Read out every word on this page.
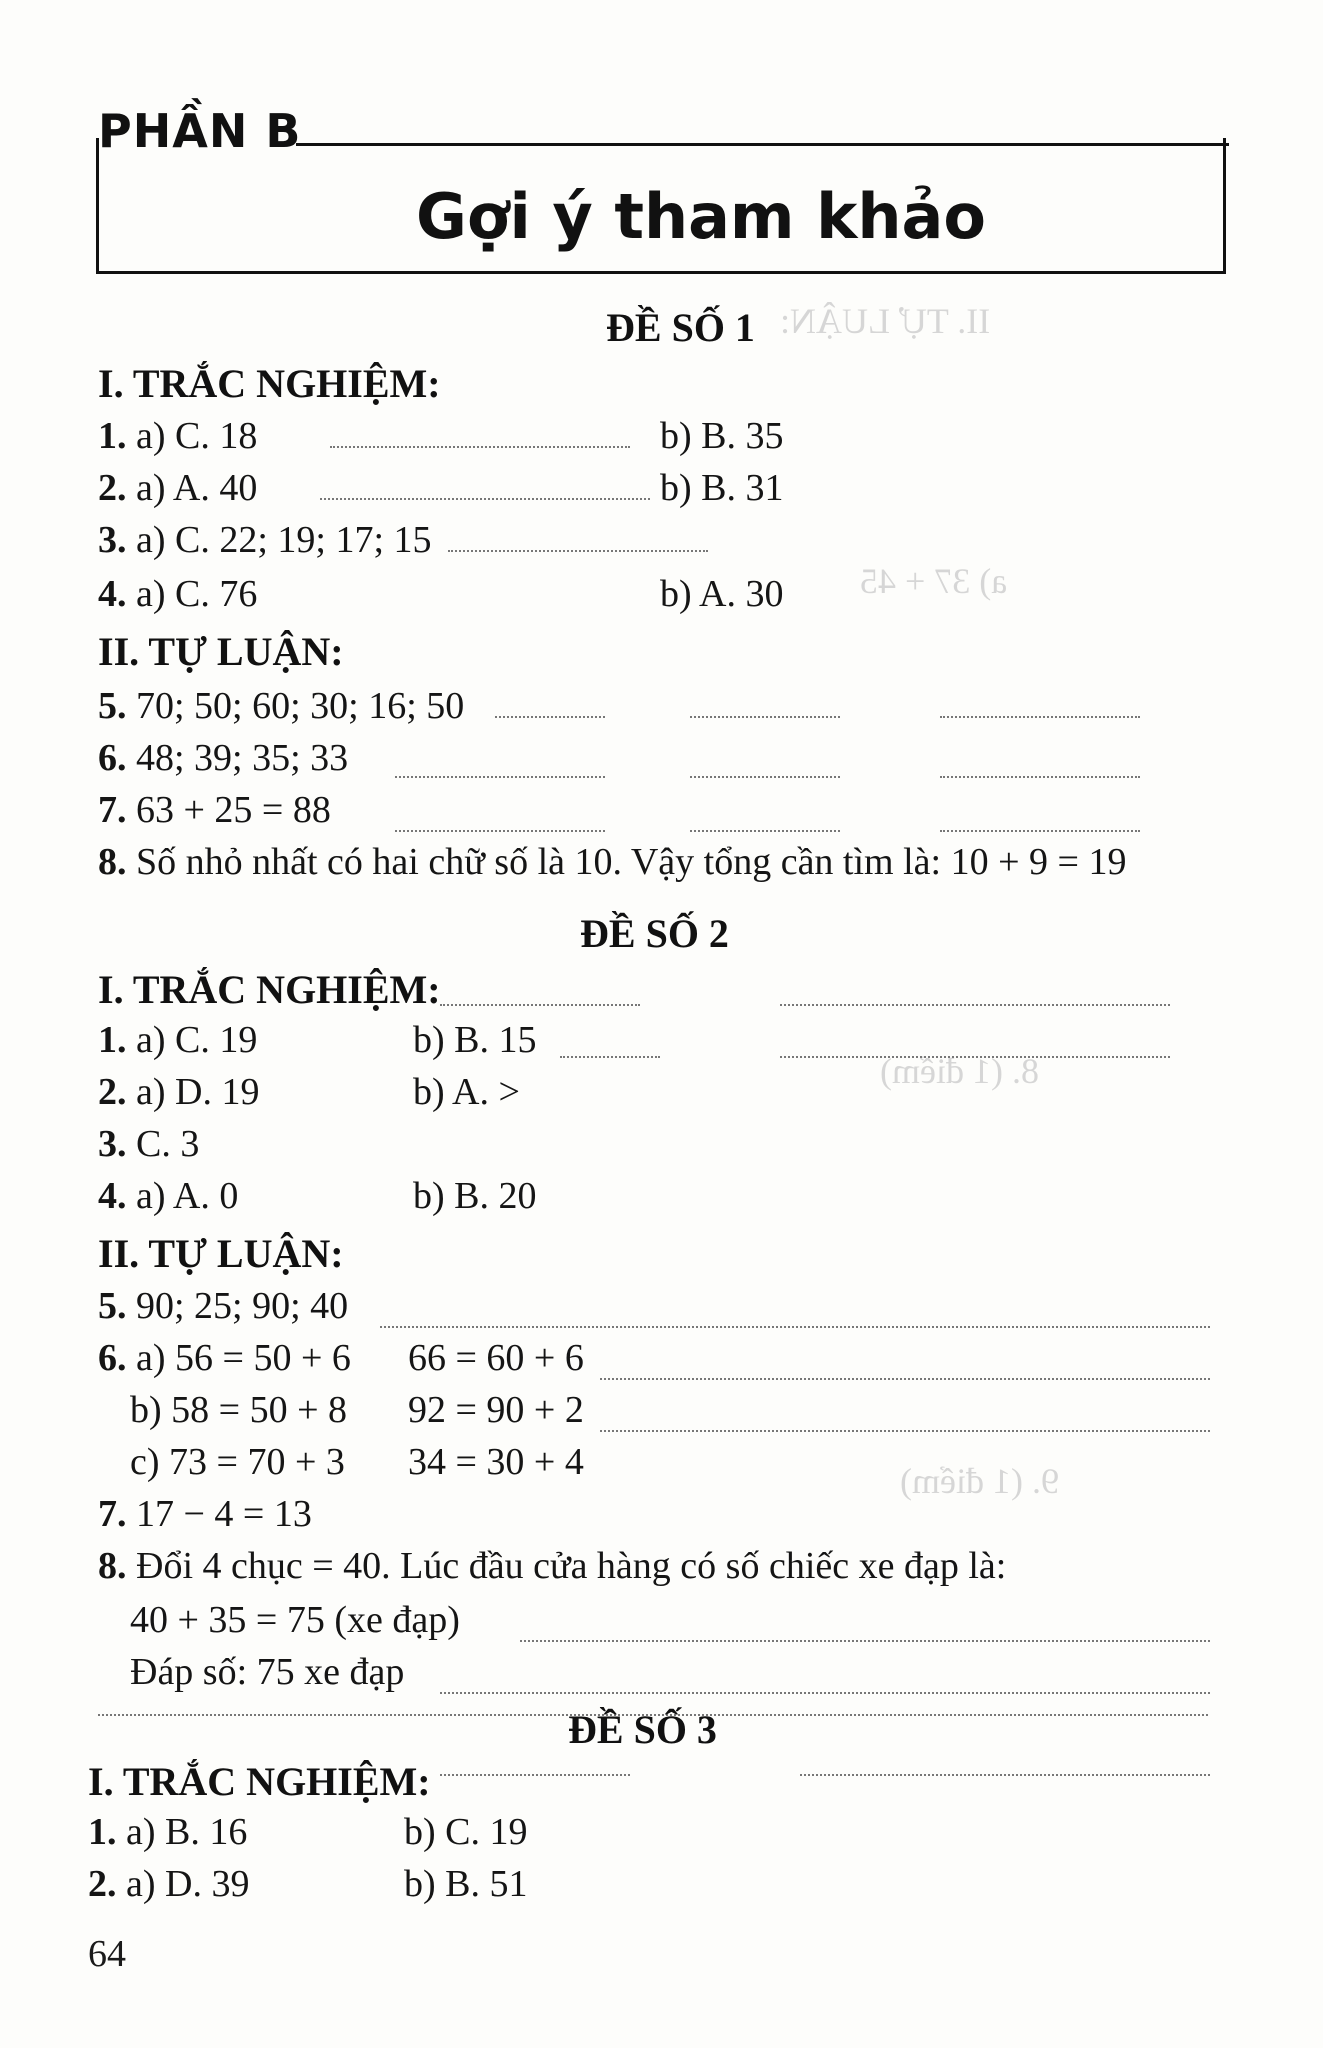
II. TỰ LUẬN:
a) 37 + 45
8. (1 điểm)
9. (1 điểm)
PHẦN B
Gợi ý tham khảo
ĐỀ SỐ 1
I. TRẮC NGHIỆM:
1. a) C. 18	b) B. 35
2. a) A. 40	b) B. 31
3. a) C. 22; 19; 17; 15
4. a) C. 76	b) A. 30
II. TỰ LUẬN:
5. 70; 50; 60; 30; 16; 50
6. 48; 39; 35; 33
7. 63 + 25 = 88
8. Số nhỏ nhất có hai chữ số là 10. Vậy tổng cần tìm là: 10 + 9 = 19
ĐỀ SỐ 2
I. TRẮC NGHIỆM:
1. a) C. 19	b) B. 15
2. a) D. 19	b) A. >
3. C. 3
4. a) A. 0	b) B. 20
II. TỰ LUẬN:
5. 90; 25; 90; 40
6. a) 56 = 50 + 6 66 = 60 + 6
b) 58 = 50 + 8 92 = 90 + 2
c) 73 = 70 + 3 34 = 30 + 4
7. 17 − 4 = 13
8. Đổi 4 chục = 40. Lúc đầu cửa hàng có số chiếc xe đạp là:
40 + 35 = 75 (xe đạp)
Đáp số: 75 xe đạp
ĐỀ SỐ 3
I. TRẮC NGHIỆM:
1. a) B. 16	b) C. 19
2. a) D. 39	b) B. 51
64
